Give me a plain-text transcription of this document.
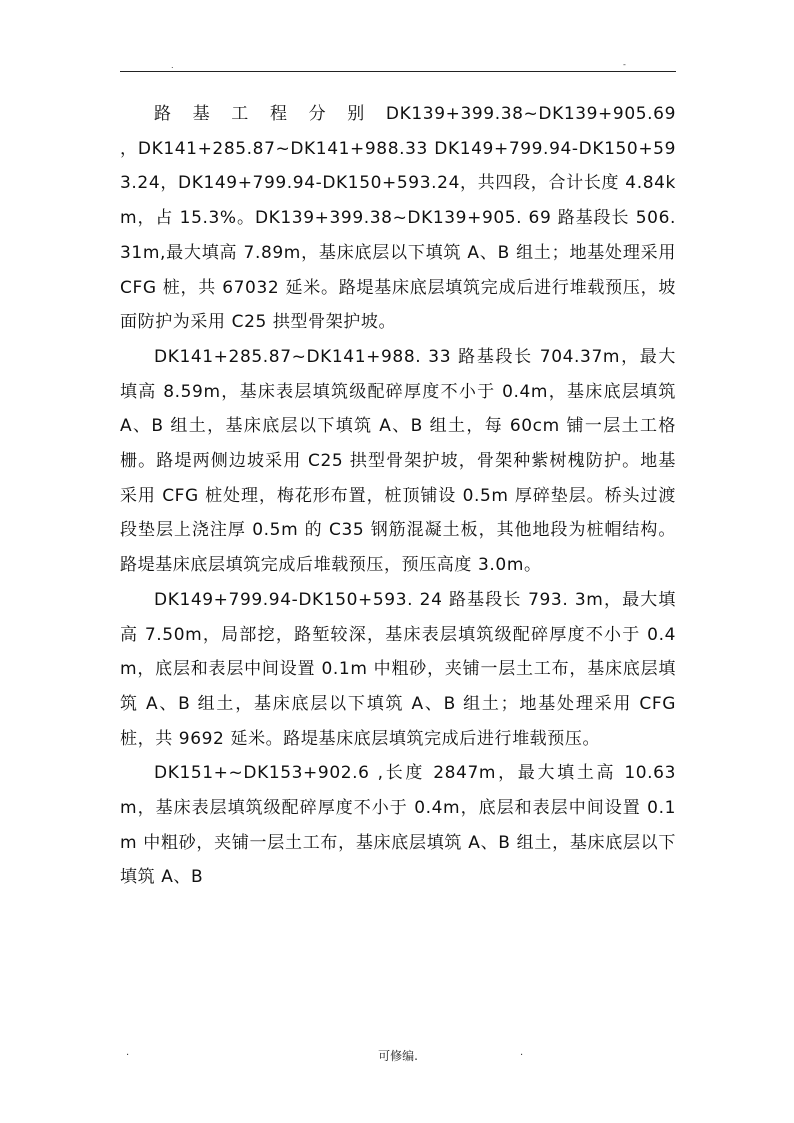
.	-

路　基　工　程　分　别　DK139+399.38~DK139+905.69　　　，DK141+285.87~DK141+988.33 DK149+799.94-DK150+593.24，DK149+799.94-DK150+593.24，共四段，合计长度 4.84km，占 15.3%。DK139+399.38~DK139+905. 69 路基段长 506.31m,最大填高 7.89m，基床底层以下填筑 A、B 组土；地基处理采用 CFG 桩，共 67032 延米。路堤基床底层填筑完成后进行堆载预压，坡面防护为采用 C25 拱型骨架护坡。

DK141+285.87~DK141+988. 33 路基段长 704.37m，最大填高 8.59m，基床表层填筑级配碎厚度不小于 0.4m，基床底层填筑 A、B 组土，基床底层以下填筑 A、B 组土，每 60cm 铺一层土工格栅。路堤两侧边坡采用 C25 拱型骨架护坡，骨架种紫树槐防护。地基采用 CFG 桩处理，梅花形布置，桩顶铺设 0.5m 厚碎垫层。桥头过渡段垫层上浇注厚 0.5m 的 C35 钢筋混凝土板，其他地段为桩帽结构。路堤基床底层填筑完成后堆载预压，预压高度 3.0m。

DK149+799.94-DK150+593. 24 路基段长 793. 3m，最大填高 7.50m，局部挖，路堑较深，基床表层填筑级配碎厚度不小于 0.4m，底层和表层中间设置 0.1m 中粗砂，夹铺一层土工布，基床底层填筑 A、B 组土，基床底层以下填筑 A、B 组土；地基处理采用 CFG 桩，共 9692 延米。路堤基床底层填筑完成后进行堆载预压。

DK151+~DK153+902.6 ,长度 2847m，最大填土高 10.63m，基床表层填筑级配碎厚度不小于 0.4m，底层和表层中间设置 0.1m 中粗砂，夹铺一层土工布，基床底层填筑 A、B 组土，基床底层以下填筑 A、B

.	可修编.	.
